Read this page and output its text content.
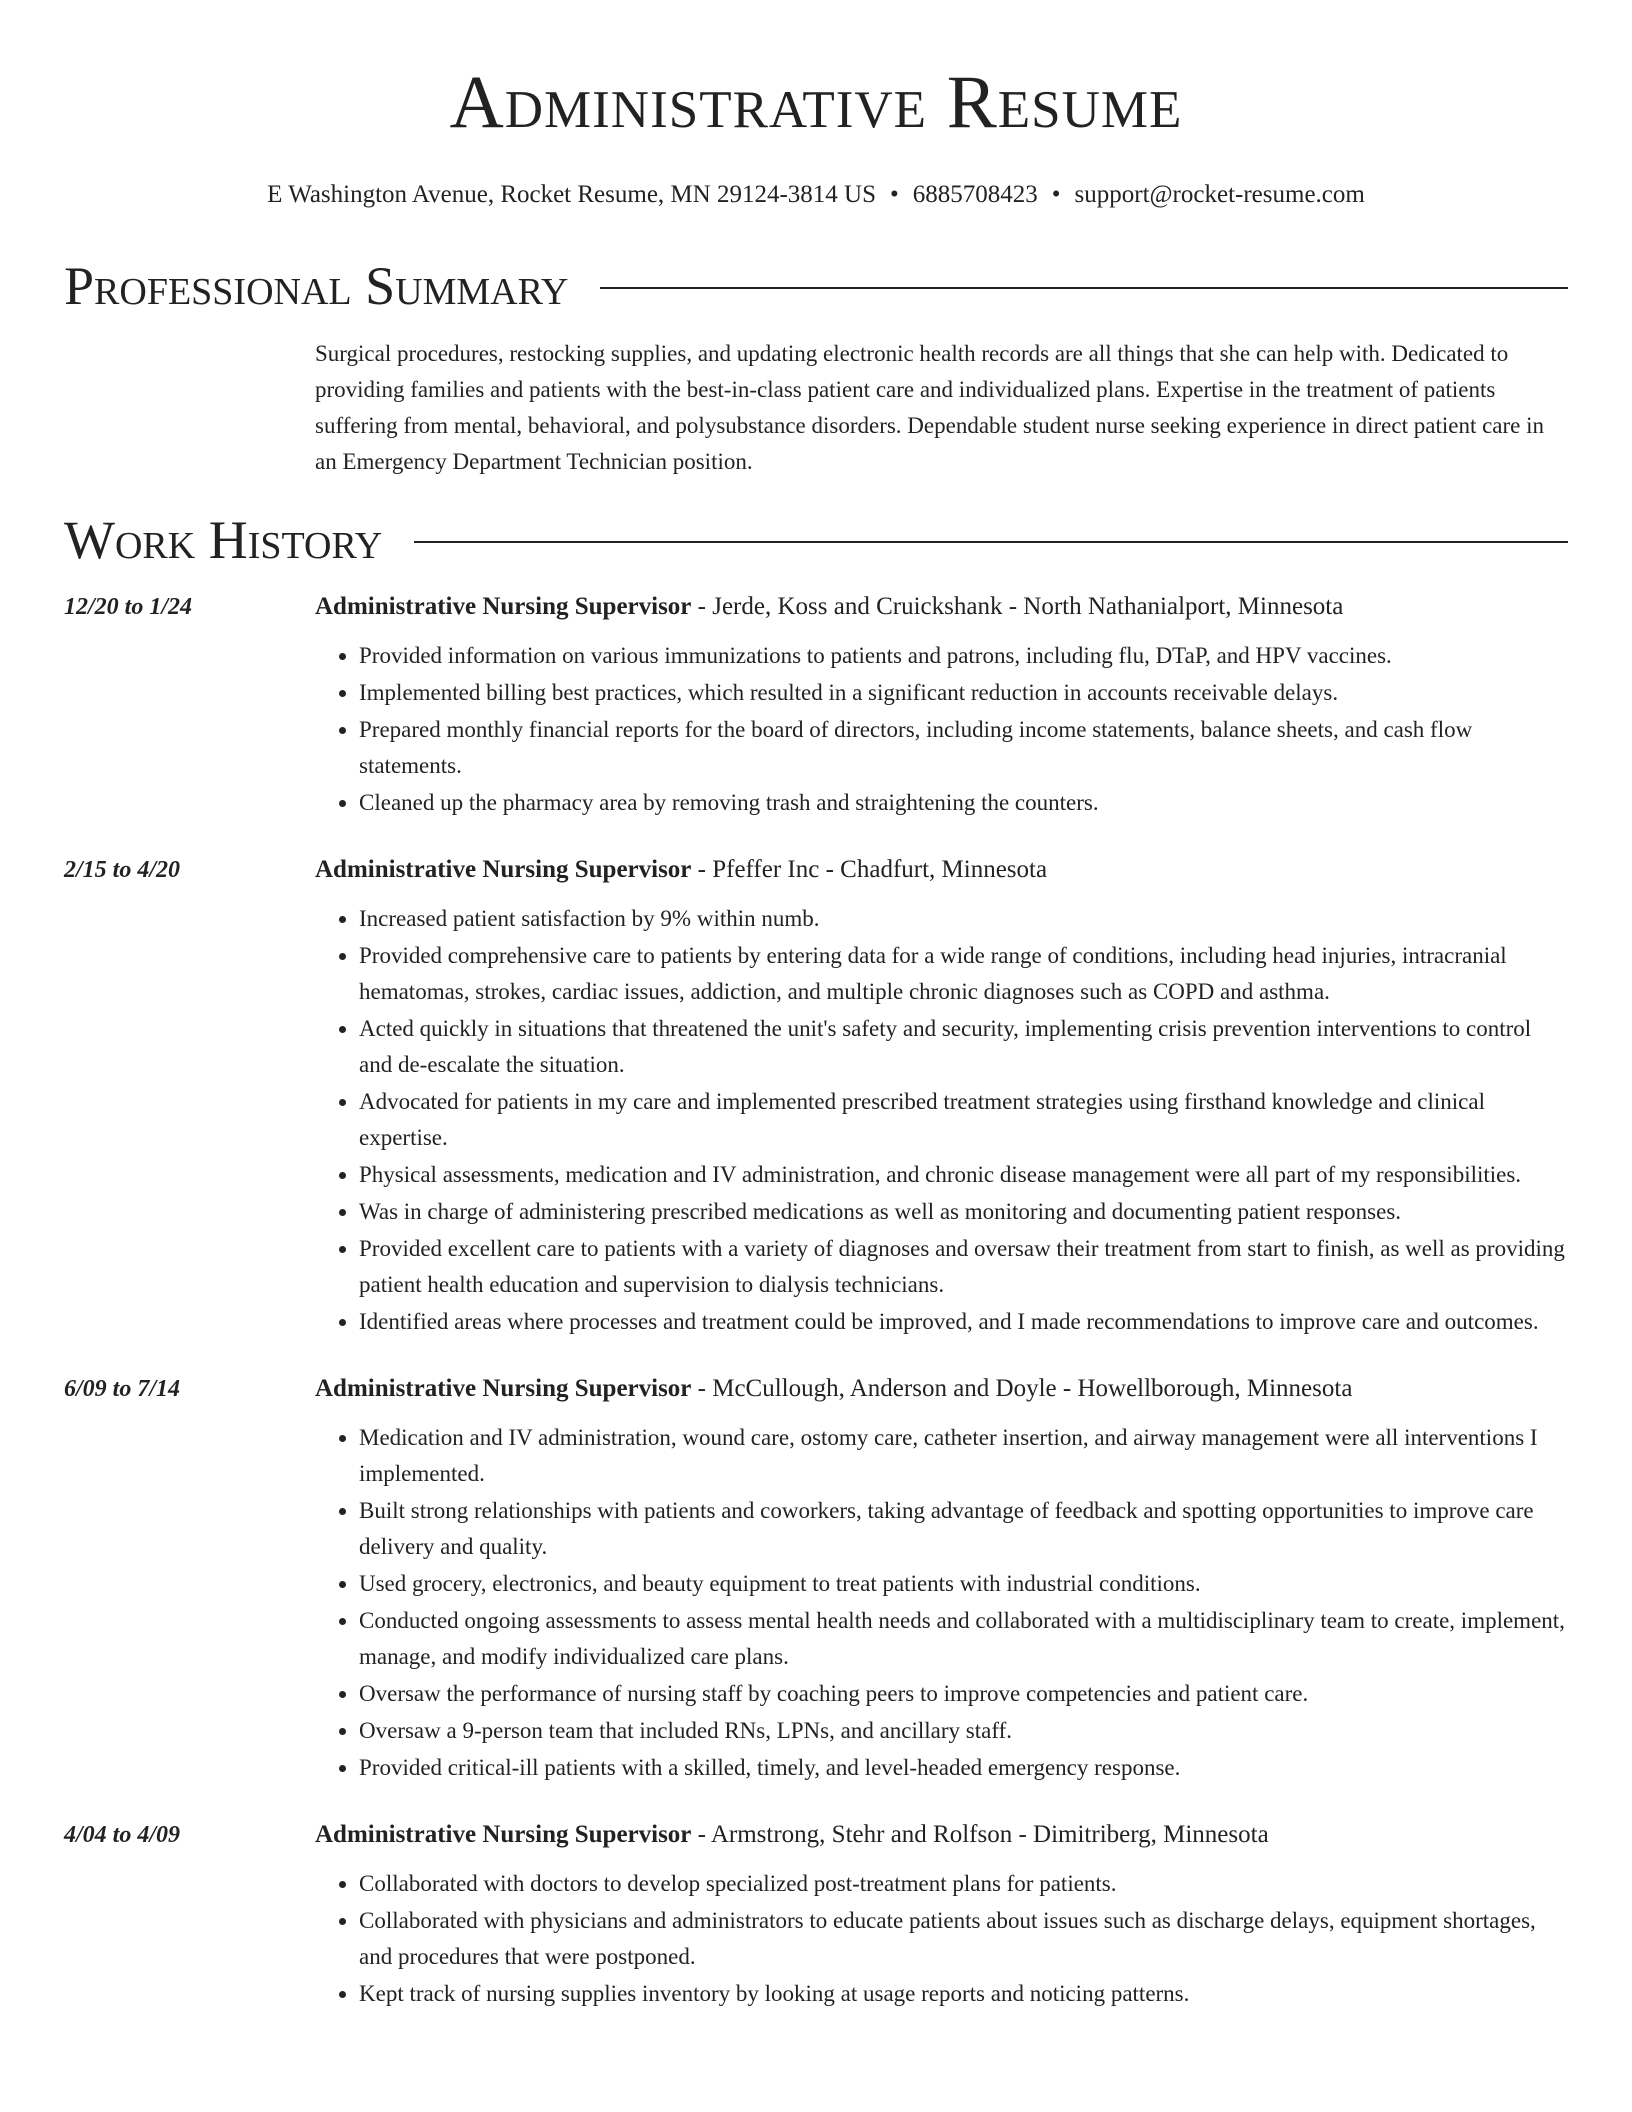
Administrative Resume
E Washington Avenue, Rocket Resume, MN 29124-3814 US • 6885708423 • support@rocket-resume.com
Professional Summary
Surgical procedures, restocking supplies, and updating electronic health records are all things that she can help with. Dedicated to providing families and patients with the best-in-class patient care and individualized plans. Expertise in the treatment of patients suffering from mental, behavioral, and polysubstance disorders. Dependable student nurse seeking experience in direct patient care in an Emergency Department Technician position.
Work History
12/20 to 1/24	Administrative Nursing Supervisor - Jerde, Koss and Cruickshank - North Nathanialport, Minnesota
• Provided information on various immunizations to patients and patrons, including flu, DTaP, and HPV vaccines.
• Implemented billing best practices, which resulted in a significant reduction in accounts receivable delays.
• Prepared monthly financial reports for the board of directors, including income statements, balance sheets, and cash flow statements.
• Cleaned up the pharmacy area by removing trash and straightening the counters.
2/15 to 4/20	Administrative Nursing Supervisor - Pfeffer Inc - Chadfurt, Minnesota
• Increased patient satisfaction by 9% within numb.
• Provided comprehensive care to patients by entering data for a wide range of conditions, including head injuries, intracranial hematomas, strokes, cardiac issues, addiction, and multiple chronic diagnoses such as COPD and asthma.
• Acted quickly in situations that threatened the unit's safety and security, implementing crisis prevention interventions to control and de-escalate the situation.
• Advocated for patients in my care and implemented prescribed treatment strategies using firsthand knowledge and clinical expertise.
• Physical assessments, medication and IV administration, and chronic disease management were all part of my responsibilities.
• Was in charge of administering prescribed medications as well as monitoring and documenting patient responses.
• Provided excellent care to patients with a variety of diagnoses and oversaw their treatment from start to finish, as well as providing patient health education and supervision to dialysis technicians.
• Identified areas where processes and treatment could be improved, and I made recommendations to improve care and outcomes.
6/09 to 7/14	Administrative Nursing Supervisor - McCullough, Anderson and Doyle - Howellborough, Minnesota
• Medication and IV administration, wound care, ostomy care, catheter insertion, and airway management were all interventions I implemented.
• Built strong relationships with patients and coworkers, taking advantage of feedback and spotting opportunities to improve care delivery and quality.
• Used grocery, electronics, and beauty equipment to treat patients with industrial conditions.
• Conducted ongoing assessments to assess mental health needs and collaborated with a multidisciplinary team to create, implement, manage, and modify individualized care plans.
• Oversaw the performance of nursing staff by coaching peers to improve competencies and patient care.
• Oversaw a 9-person team that included RNs, LPNs, and ancillary staff.
• Provided critical-ill patients with a skilled, timely, and level-headed emergency response.
4/04 to 4/09	Administrative Nursing Supervisor - Armstrong, Stehr and Rolfson - Dimitriberg, Minnesota
• Collaborated with doctors to develop specialized post-treatment plans for patients.
• Collaborated with physicians and administrators to educate patients about issues such as discharge delays, equipment shortages, and procedures that were postponed.
• Kept track of nursing supplies inventory by looking at usage reports and noticing patterns.
